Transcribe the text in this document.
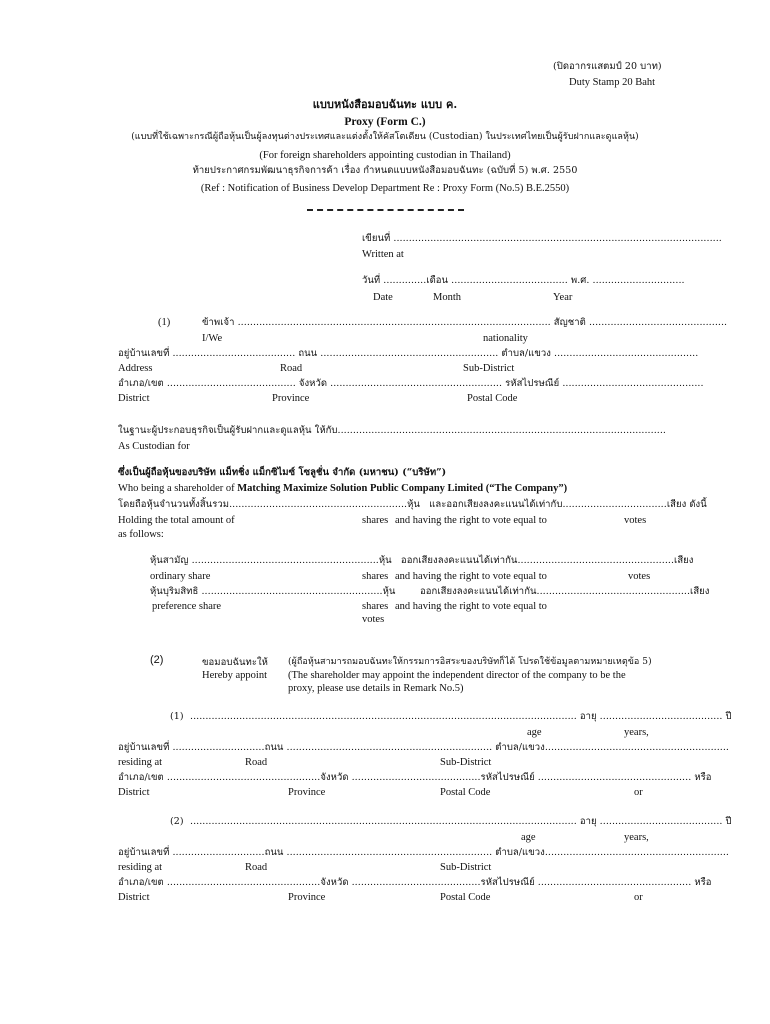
(ปิดอากรแสตมป์ 20 บาท)
Duty Stamp 20 Baht
แบบหนังสือมอบฉันทะ แบบ ค.
Proxy (Form C.)
(แบบที่ใช้เฉพาะกรณีผู้ถือหุ้นเป็นผู้ลงทุนต่างประเทศและแต่งตั้งให้คัสโตเดียน (Custodian) ในประเทศไทยเป็นผู้รับฝากและดูแลหุ้น)
(For foreign shareholders appointing custodian in Thailand)
ท้ายประกาศกรมพัฒนาธุรกิจการค้า เรื่อง กำหนดแบบหนังสือมอบฉันทะ (ฉบับที่ 5) พ.ศ. 2550
(Ref : Notification of Business Develop Department Re : Proxy Form (No.5) B.E.2550)
เขียนที่ ...........................................................................................................
Written at
วันที่ ..............เดือน ...................................... พ.ศ. ..............................
Date	Month	Year
(1)	ข้าพเจ้า ...................................................................................................... สัญชาติ .............................................
I/We	nationality
อยู่บ้านเลขที่ ........................................ ถนน .......................................................... ตำบล/แขวง ...............................................
Address	Road	Sub-District
อำเภอ/เขต .......................................... จังหวัด ........................................................ รหัสไปรษณีย์ ..............................................
District	Province	Postal Code
ในฐานะผู้ประกอบธุรกิจเป็นผู้รับฝากและดูแลหุ้น ให้กับ...........................................................................................................
As Custodian for
ซึ่งเป็นผู้ถือหุ้นของบริษัท แม็ทชิ่ง แม็กซิไมซ์ โซลูชั่น จำกัด (มหาชน) (“บริษัท”)
Who being a shareholder of Matching Maximize Solution Public Company Limited (“The Company”)
โดยถือหุ้นจำนวนทั้งสิ้นรวม..........................................................หุ้น   และออกเสียงลงคะแนนได้เท่ากับ..................................เสียง ดังนี้
Holding the total amount of	shares and having the right to vote equal to	votes
as follows:
หุ้นสามัญ .............................................................หุ้น   ออกเสียงลงคะแนนได้เท่ากัน...................................................เสียง
ordinary share	shares and having the right to vote equal to	votes
หุ้นบุริมสิทธิ ...........................................................หุ้น        ออกเสียงลงคะแนนได้เท่ากัน..................................................เสียง
preference share	shares and having the right to vote equal to
votes
(2)	ขอมอบฉันทะให้
Hereby appoint
(ผู้ถือหุ้นสามารถมอบฉันทะให้กรรมการอิสระของบริษัทก็ได้ โปรดใช้ข้อมูลตามหมายเหตุข้อ 5)
(The shareholder may appoint the independent director of the company to be the
proxy, please use details in Remark No.5)
(1) .............................................................................................................................. อายุ ........................................ ปี
age	years,
อยู่บ้านเลขที่ ..............................ถนน ................................................................... ตำบล/แขวง............................................................
residing at	Road	Sub-District
อำเภอ/เขต ..................................................จังหวัด ..........................................รหัสไปรษณีย์ .................................................. หรือ
District	Province	Postal Code	or
(2) .............................................................................................................................. อายุ ........................................ ปี
age	years,
อยู่บ้านเลขที่ ..............................ถนน ................................................................... ตำบล/แขวง............................................................
residing at	Road	Sub-District
อำเภอ/เขต ..................................................จังหวัด ..........................................รหัสไปรษณีย์ .................................................. หรือ
District	Province	Postal Code	or
